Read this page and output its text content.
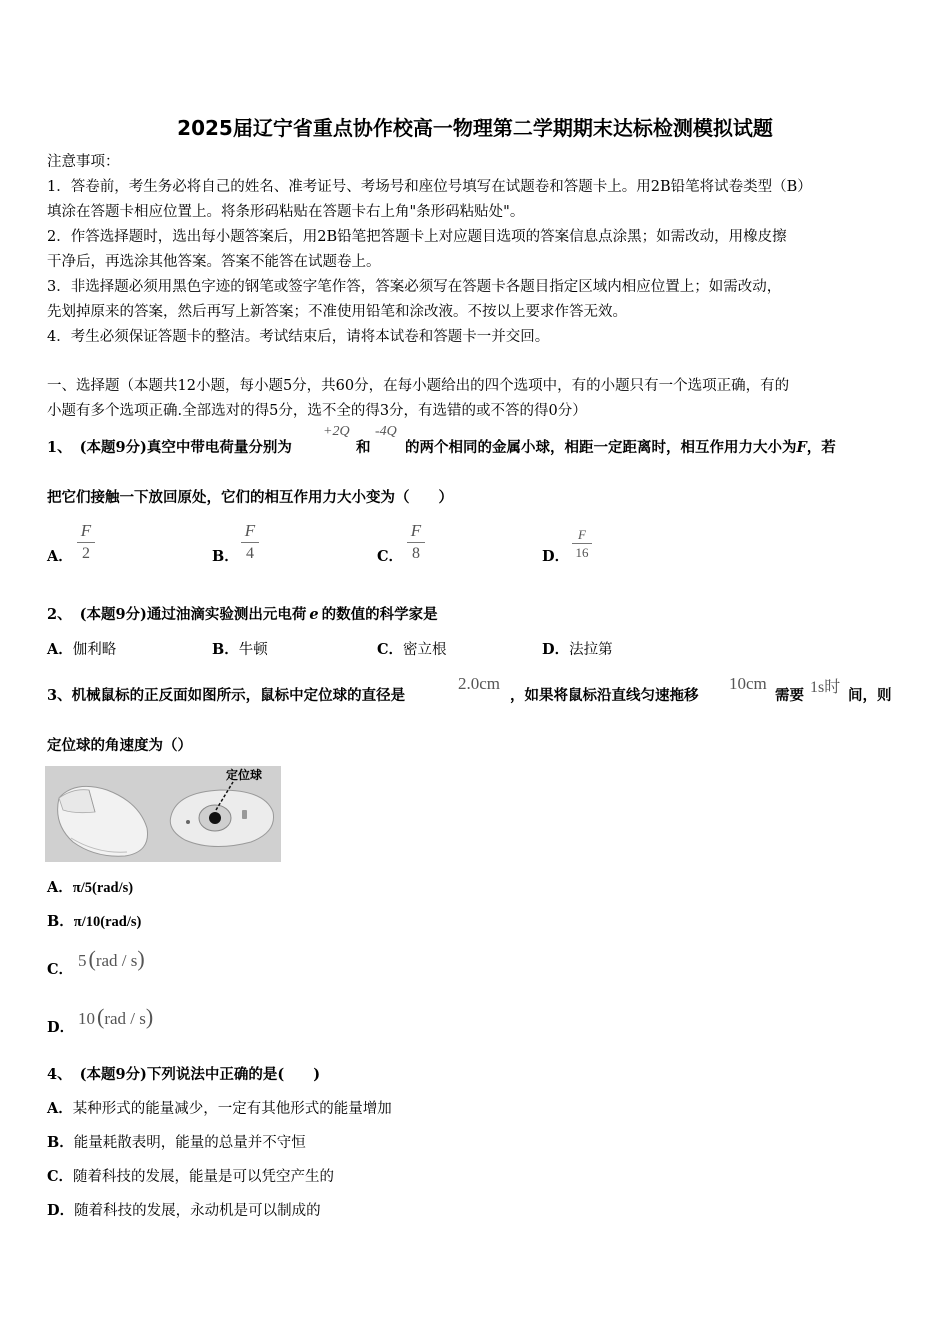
2025届辽宁省重点协作校高一物理第二学期期末达标检测模拟试题
注意事项：
1．答卷前，考生务必将自己的姓名、准考证号、考场号和座位号填写在试题卷和答题卡上。用2B铅笔将试卷类型（B）
填涂在答题卡相应位置上。将条形码粘贴在答题卡右上角"条形码粘贴处"。
2．作答选择题时，选出每小题答案后，用2B铅笔把答题卡上对应题目选项的答案信息点涂黑；如需改动，用橡皮擦
干净后，再选涂其他答案。答案不能答在试题卷上。
3．非选择题必须用黑色字迹的钢笔或签字笔作答，答案必须写在答题卡各题目指定区域内相应位置上；如需改动，
先划掉原来的答案，然后再写上新答案；不准使用铅笔和涂改液。不按以上要求作答无效。
4．考生必须保证答题卡的整洁。考试结束后，请将本试卷和答题卡一并交回。
一、选择题（本题共12小题，每小题5分，共60分，在每小题给出的四个选项中，有的小题只有一个选项正确，有的
小题有多个选项正确.全部选对的得5分，选不全的得3分，有选错的或不答的得0分）
1、 (本题9分)真空中带电荷量分别为
+2Q
和
-4Q
的两个相同的金属小球，相距一定距离时，相互作用力大小为F，若
把它们接触一下放回原处，它们的相互作用力大小变为（　　）
A．
F
2	B．
F
4	C．
F
8	D．
F
16
2、 (本题9分)通过油滴实验测出元电荷 e 的数值的科学家是
A．伽利略	B．牛顿	C．密立根	D．法拉第
3、机械鼠标的正反面如图所示，鼠标中定位球的直径是
2.0cm
，如果将鼠标沿直线匀速拖移
10cm
需要 1s时 间，则
定位球的角速度为（）
定位球
A．π/5(rad/s)
B．π/10(rad/s)
C． 5(rad / s)
D． 10(rad / s)
4、 (本题9分)下列说法中正确的是(　　)
A．某种形式的能量减少，一定有其他形式的能量增加
B．能量耗散表明，能量的总量并不守恒
C．随着科技的发展，能量是可以凭空产生的
D．随着科技的发展，永动机是可以制成的
